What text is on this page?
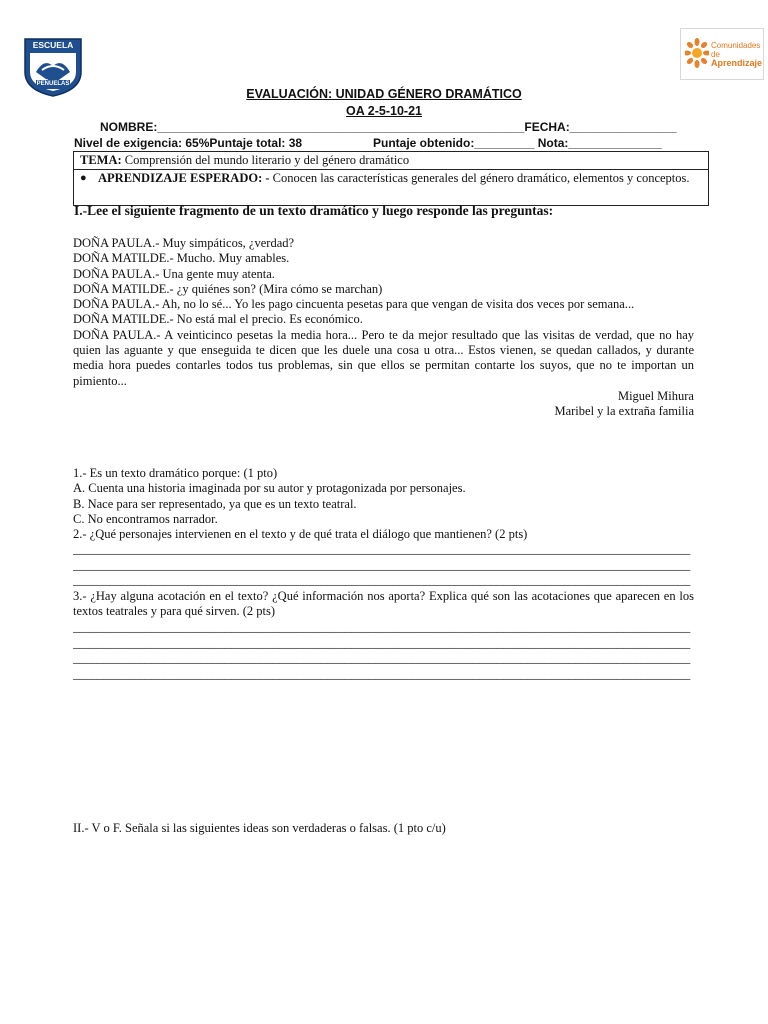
ESCUELA
PEÑUELAS
Comunidades de
Aprendizaje
EVALUACIÓN: UNIDAD GÉNERO DRAMÁTICO
OA 2-5-10-21
NOMBRE:_______________________________________________________FECHA:________________
Nivel de exigencia: 65%Puntaje total: 38	Puntaje obtenido:_________ Nota:______________
TEMA: Comprensión del mundo literario y del género dramático
● APRENDIZAJE ESPERADO: - Conocen las características generales del género dramático, elementos y conceptos.
I.-Lee el siguiente fragmento de un texto dramático y luego responde las preguntas:
DOÑA PAULA.- Muy simpáticos, ¿verdad?
DOÑA MATILDE.- Mucho. Muy amables.
DOÑA PAULA.- Una gente muy atenta.
DOÑA MATILDE.- ¿y quiénes son? (Mira cómo se marchan)
DOÑA PAULA.- Ah, no lo sé... Yo les pago cincuenta pesetas para que vengan de visita dos veces por semana...
DOÑA MATILDE.- No está mal el precio. Es económico.
DOÑA PAULA.- A veinticinco pesetas la media hora... Pero te da mejor resultado que las visitas de verdad, que no hay quien las aguante y que enseguida te dicen que les duele una cosa u otra... Estos vienen, se quedan callados, y durante media hora puedes contarles todos tus problemas, sin que ellos se permitan contarte los suyos, que no te importan un pimiento...
Miguel Mihura
Maribel y la extraña familia
1.- Es un texto dramático porque: (1 pto)
A. Cuenta una historia imaginada por su autor y protagonizada por personajes.
B. Nace para ser representado, ya que es un texto teatral.
C. No encontramos narrador.
2.- ¿Qué personajes intervienen en el texto y de qué trata el diálogo que mantienen? (2 pts)
______________________________________________________________________________________________________
______________________________________________________________________________________________________
______________________________________________________________________________________________________
3.- ¿Hay alguna acotación en el texto? ¿Qué información nos aporta? Explica qué son las acotaciones que aparecen en los textos teatrales y para qué sirven. (2 pts)
______________________________________________________________________________________________________
______________________________________________________________________________________________________
______________________________________________________________________________________________________
______________________________________________________________________________________________________
II.- V o F. Señala si las siguientes ideas son verdaderas o falsas. (1 pto c/u)
